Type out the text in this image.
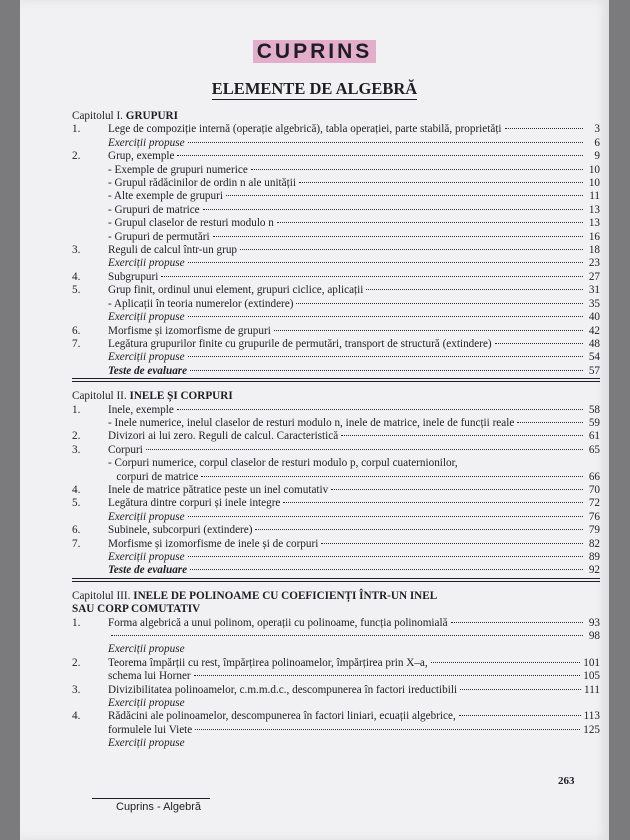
CUPRINS
ELEMENTE DE ALGEBRĂ
Capitolul I. GRUPURI
1.	Lege de compoziție internă (operație algebrică), tabla operației, parte stabilă, proprietăți	3
Exerciții propuse	6
2.	Grup, exemple	9
- Exemple de grupuri numerice	10
- Grupul rădăcinilor de ordin n ale unității	10
- Alte exemple de grupuri	11
- Grupuri de matrice	13
- Grupul claselor de resturi modulo n	13
- Grupuri de permutări	16
3.	Reguli de calcul într-un grup	18
Exerciții propuse	23
4.	Subgrupuri	27
5.	Grup finit, ordinul unui element, grupuri ciclice, aplicații	31
- Aplicații în teoria numerelor (extindere)	35
Exerciții propuse	40
6.	Morfisme și izomorfisme de grupuri	42
7.	Legătura grupurilor finite cu grupurile de permutări, transport de structură (extindere)	48
Exerciții propuse	54
Teste de evaluare	57
Capitolul II. INELE ȘI CORPURI
1.	Inele, exemple	58
- Inele numerice, inelul claselor de resturi modulo n, inele de matrice, inele de funcții reale	59
2.	Divizori ai lui zero. Reguli de calcul. Caracteristică	61
3.	Corpuri	65
- Corpuri numerice, corpul claselor de resturi modulo p, corpul cuaternionilor,
corpuri de matrice	66
4.	Inele de matrice pătratice peste un inel comutativ	70
5.	Legătura dintre corpuri și inele integre	72
Exerciții propuse	76
6.	Subinele, subcorpuri (extindere)	79
7.	Morfisme și izomorfisme de inele și de corpuri	82
Exerciții propuse	89
Teste de evaluare	92
Capitolul III. INELE DE POLINOAME CU COEFICIENȚI ÎNTR-UN INEL
SAU CORP COMUTATIV
1.	Forma algebrică a unui polinom, operații cu polinoame, funcția polinomială	93
98
Exerciții propuse
2.	Teorema împărții cu rest, împărțirea polinoamelor, împărțirea prin X–a,	101
schema lui Horner	105
3.	Divizibilitatea polinoamelor, c.m.m.d.c., descompunerea în factori ireductibili	111
Exerciții propuse
4.	Rădăcini ale polinoamelor, descompunerea în factori liniari, ecuații algebrice,	113
formulele lui Viete	125
Exerciții propuse
263
Cuprins - Algebră
